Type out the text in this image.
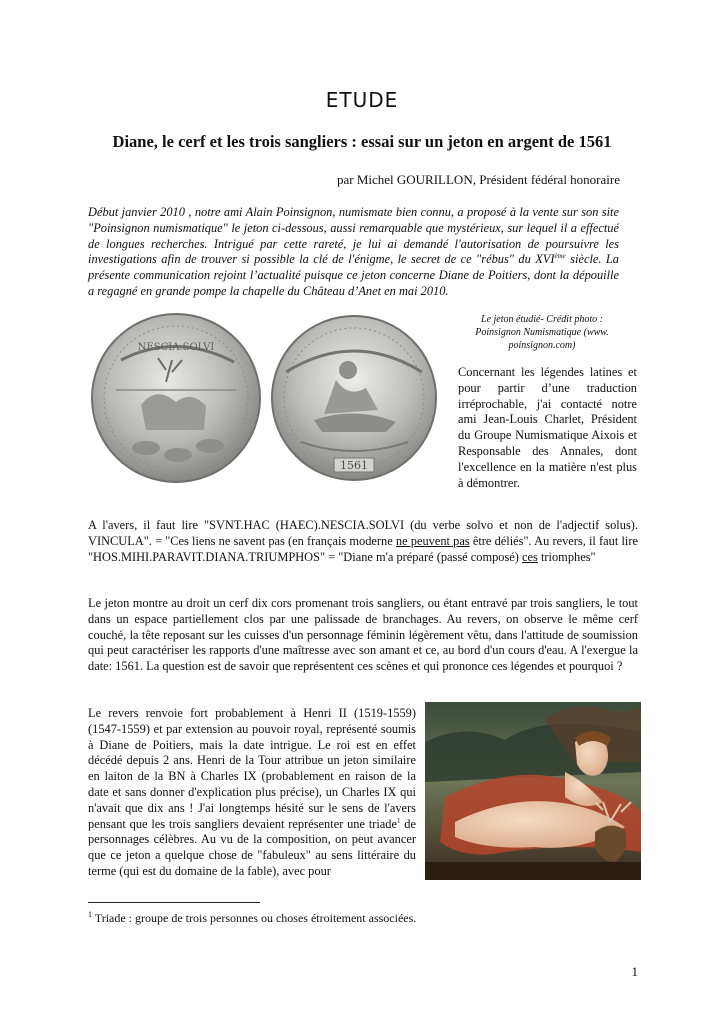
ETUDE
Diane, le cerf et les trois sangliers : essai sur un jeton en argent de 1561
par Michel GOURILLON, Président fédéral honoraire
Début janvier 2010 , notre ami Alain Poinsignon, numismate bien connu, a proposé à la vente sur son site "Poinsignon numismatique" le jeton ci-dessous, aussi remarquable que mystérieux, sur lequel il a effectué de longues recherches. Intrigué par cette rareté, je lui ai demandé l'autorisation de poursuivre les investigations afin de trouver si possible la clé de l'énigme, le secret de ce "rébus" du XVIème siècle. La présente communication rejoint l’actualité puisque ce jeton concerne Diane de Poitiers, dont la dépouille a regagné en grande pompe la chapelle du Château d’Anet en mai 2010.
NESCIA.SOLVI
1561
Le jeton étudié- Crédit photo : Poinsignon Numismatique (www. poinsignon.com)
Concernant les légendes latines et pour partir d’une traduction irréprochable, j'ai contacté notre ami Jean-Louis Charlet, Président du Groupe Numismatique Aixois et Responsable des Annales, dont l'excellence en la matière n'est plus à démontrer.
A l'avers, il faut lire "SVNT.HAC (HAEC).NESCIA.SOLVI (du verbe solvo et non de l'adjectif solus). VINCULA". = "Ces liens ne savent pas (en français moderne ne peuvent pas être déliés". Au revers, il faut lire "HOS.MIHI.PARAVIT.DIANA.TRIUMPHOS" = "Diane m'a préparé (passé composé) ces triomphes"
Le jeton montre au droit un cerf dix cors promenant trois sangliers, ou étant entravé par trois sangliers, le tout dans un espace partiellement clos par une palissade de branchages. Au revers, on observe le même cerf couché, la tête reposant sur les cuisses d'un personnage féminin légèrement vêtu, dans l'attitude de soumission qui peut caractériser les rapports d'une maîtresse avec son amant et ce, au bord d'un cours d'eau. A l'exergue la date: 1561. La question est de savoir que représentent ces scènes et qui prononce ces légendes et pourquoi ?
Le revers renvoie fort probablement à Henri II (1519-1559) (1547-1559) et par extension au pouvoir royal, représenté soumis à Diane de Poitiers, mais la date intrigue. Le roi est en effet décédé depuis 2 ans. Henri de la Tour attribue un jeton similaire en laiton de la BN à Charles IX (probablement en raison de la date et sans donner d'explication plus précise), un Charles IX qui n'avait que dix ans ! J'ai longtemps hésité sur le sens de l'avers pensant que les trois sangliers devaient représenter une triade$^1$ de personnages célèbres. Au vu de la composition, on peut avancer que ce jeton a quelque chose de "fabuleux" au sens littéraire du terme (qui est du domaine de la fable), avec pour
$^1$ Triade : groupe de trois personnes ou choses étroitement associées.
1
